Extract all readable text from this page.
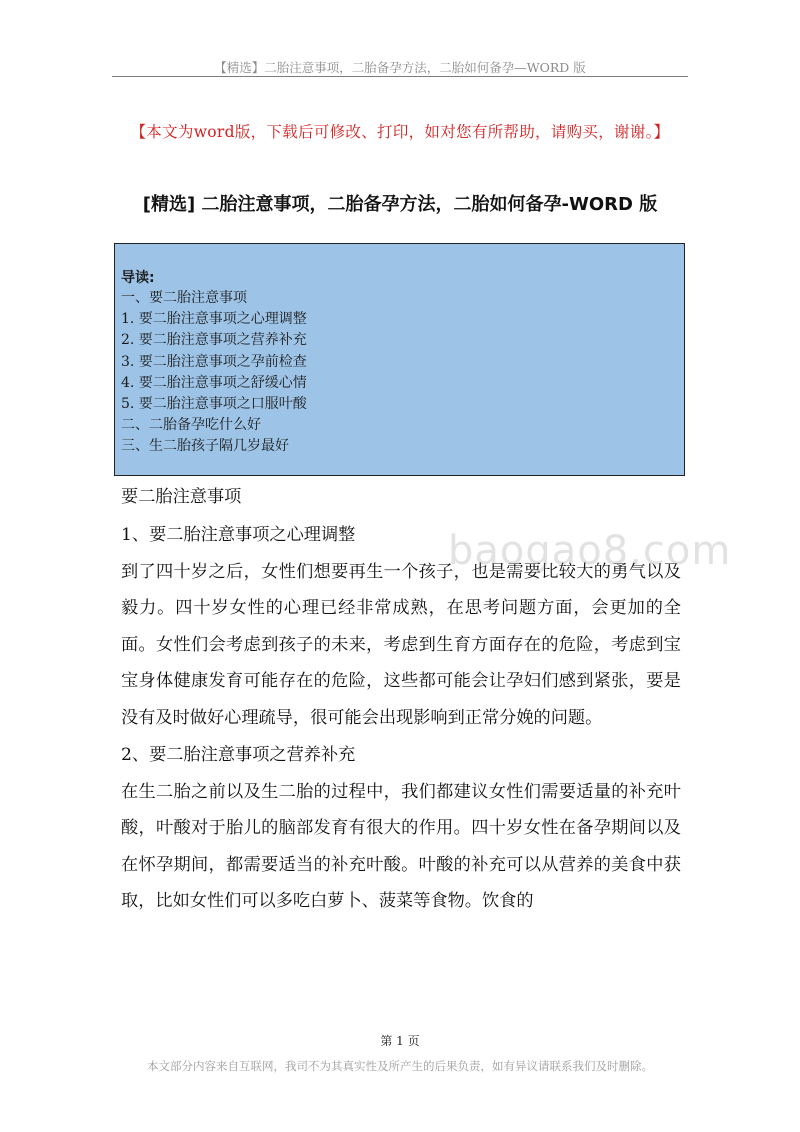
【精选】二胎注意事项，二胎备孕方法，二胎如何备孕—WORD 版
【本文为word版，下载后可修改、打印，如对您有所帮助，请购买，谢谢。】
[精选] 二胎注意事项，二胎备孕方法，二胎如何备孕-WORD 版
导读:
一、要二胎注意事项
1. 要二胎注意事项之心理调整
2. 要二胎注意事项之营养补充
3. 要二胎注意事项之孕前检查
4. 要二胎注意事项之舒缓心情
5. 要二胎注意事项之口服叶酸
二、二胎备孕吃什么好
三、生二胎孩子隔几岁最好

要二胎注意事项

1、要二胎注意事项之心理调整

到了四十岁之后，女性们想要再生一个孩子，也是需要比较大的勇气以及毅力。四十岁女性的心理已经非常成熟，在思考问题方面，会更加的全面。女性们会考虑到孩子的未来，考虑到生育方面存在的危险，考虑到宝宝身体健康发育可能存在的危险，这些都可能会让孕妇们感到紧张，要是没有及时做好心理疏导，很可能会出现影响到正常分娩的问题。

2、要二胎注意事项之营养补充

在生二胎之前以及生二胎的过程中，我们都建议女性们需要适量的补充叶酸，叶酸对于胎儿的脑部发育有很大的作用。四十岁女性在备孕期间以及在怀孕期间，都需要适当的补充叶酸。叶酸的补充可以从营养的美食中获取，比如女性们可以多吃白萝卜、菠菜等食物。饮食的

baogao8.com
第 1 页
本文部分内容来自互联网，我司不为其真实性及所产生的后果负责，如有异议请联系我们及时删除。
